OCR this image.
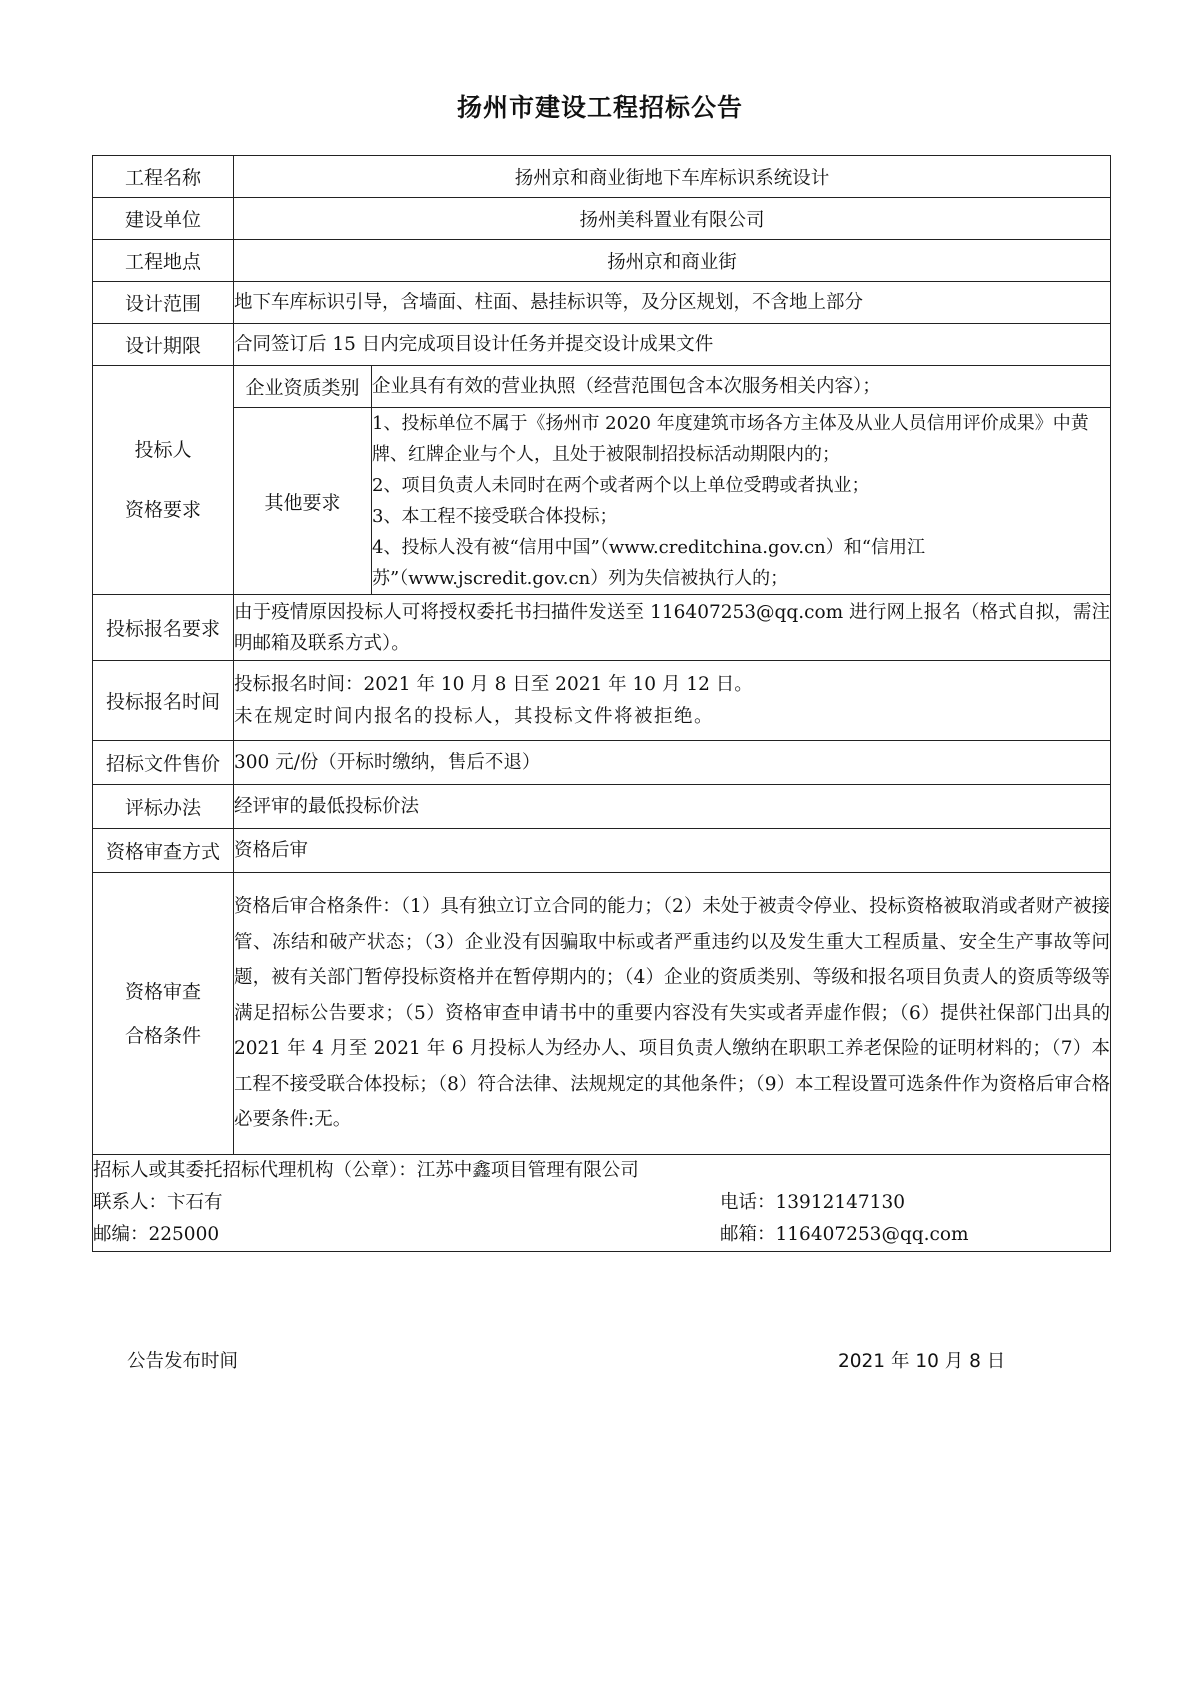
扬州市建设工程招标公告
工程名称	扬州京和商业街地下车库标识系统设计	
建设单位	扬州美科置业有限公司	
工程地点	扬州京和商业街	
设计范围	地下车库标识引导，含墙面、柱面、悬挂标识等，及分区规划，不含地上部分	
设计期限	合同签订后 15 日内完成项目设计任务并提交设计成果文件	

投标人
资格要求	企业资质类别	企业具有有效的营业执照（经营范围包含本次服务相关内容）；
	其他要求	1、投标单位不属于《扬州市 2020 年度建筑市场各方主体及从业人员信用评价成果》中黄牌、红牌企业与个人，且处于被限制招投标活动期限内的；
2、项目负责人未同时在两个或者两个以上单位受聘或者执业；
3、本工程不接受联合体投标；
4、投标人没有被“信用中国”（www.creditchina.gov.cn）和“信用江苏”（www.jscredit.gov.cn）列为失信被执行人的；

投标报名要求	由于疫情原因投标人可将授权委托书扫描件发送至 116407253@qq.com 进行网上报名（格式自拟，需注明邮箱及联系方式）。	
投标报名时间	投标报名时间：2021 年 10 月 8 日至 2021 年 10 月 12 日。
未在规定时间内报名的投标人，其投标文件将被拒绝。	

招标文件售价	300 元/份（开标时缴纳，售后不退）	
评标办法	经评审的最低投标价法	
资格审查方式	资格后审	

资格审查
合格条件	资格后审合格条件：（1）具有独立订立合同的能力；（2）未处于被责令停业、投标资格被取消或者财产被接管、冻结和破产状态；（3）企业没有因骗取中标或者严重违约以及发生重大工程质量、安全生产事故等问题，被有关部门暂停投标资格并在暂停期内的；（4）企业的资质类别、等级和报名项目负责人的资质等级等满足招标公告要求；（5）资格审查申请书中的重要内容没有失实或者弄虚作假；（6）提供社保部门出具的 2021 年 4 月至 2021 年 6 月投标人为经办人、项目负责人缴纳在职职工养老保险的证明材料的；（7）本工程不接受联合体投标；（8）符合法律、法规规定的其他条件；（9）本工程设置可选条件作为资格后审合格必要条件:无。	

招标人或其委托招标代理机构（公章）：江苏中鑫项目管理有限公司
联系人：卞石有 电话：13912147130
邮编：225000 邮箱：116407253@qq.com		
公告发布时间	2021 年 10 月 8 日
